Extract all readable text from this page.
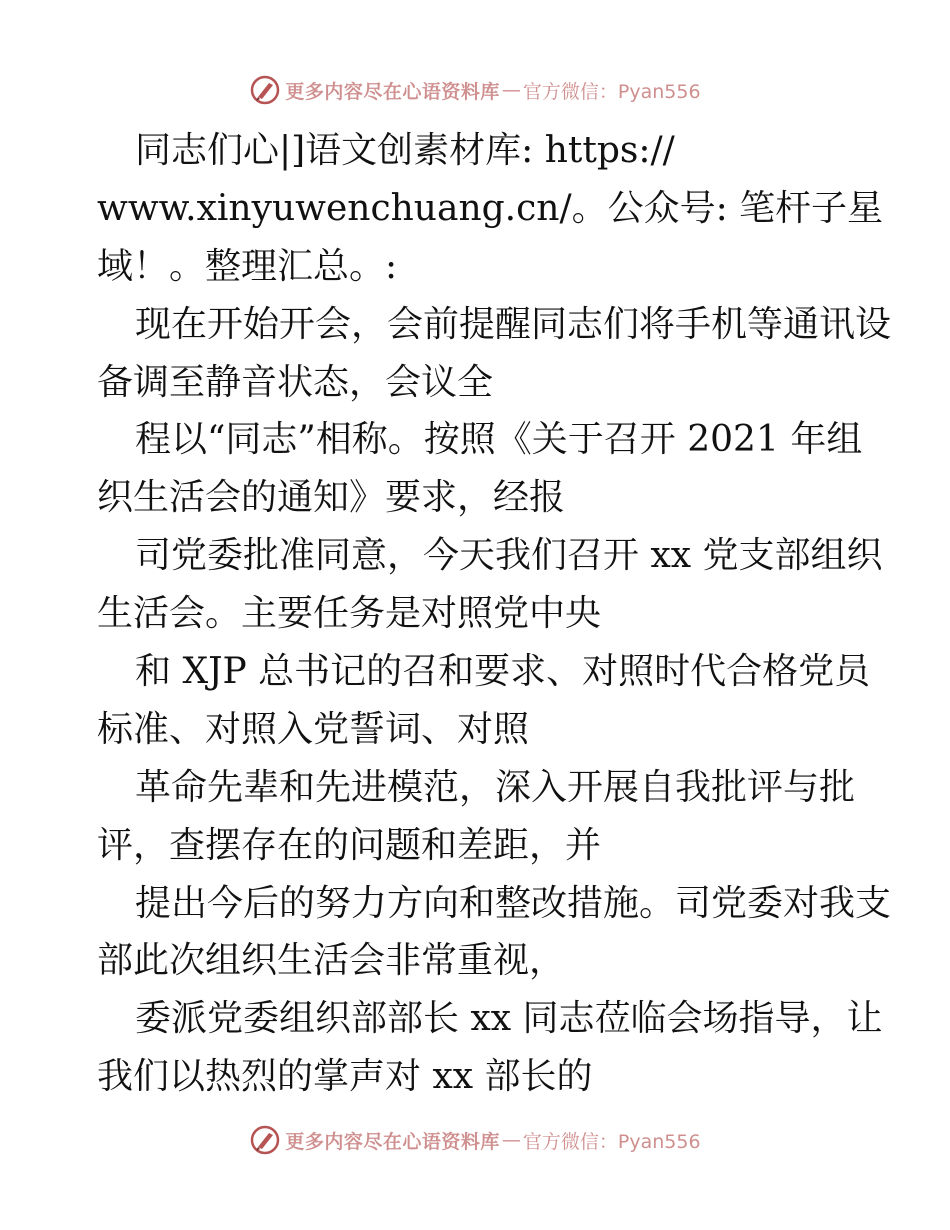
更多内容尽在心语资料库 — 官方微信：Pyan556
同志们心|]语文创素材库: https://
www.xinyuwenchuang.cn/。公众号: 笔杆子星
域！。整理汇总。:
现在开始开会，会前提醒同志们将手机等通讯设
备调至静音状态，会议全
程以“同志”相称。按照《关于召开 2021 年组
织生活会的通知》要求，经报
司党委批准同意，今天我们召开 xx 党支部组织
生活会。主要任务是对照党中央
和 XJP 总书记的召和要求、对照时代合格党员
标准、对照入党誓词、对照
革命先辈和先进模范，深入开展自我批评与批
评，查摆存在的问题和差距，并
提出今后的努力方向和整改措施。司党委对我支
部此次组织生活会非常重视，
委派党委组织部部长 xx 同志莅临会场指导，让
我们以热烈的掌声对 xx 部长的
更多内容尽在心语资料库 — 官方微信：Pyan556
